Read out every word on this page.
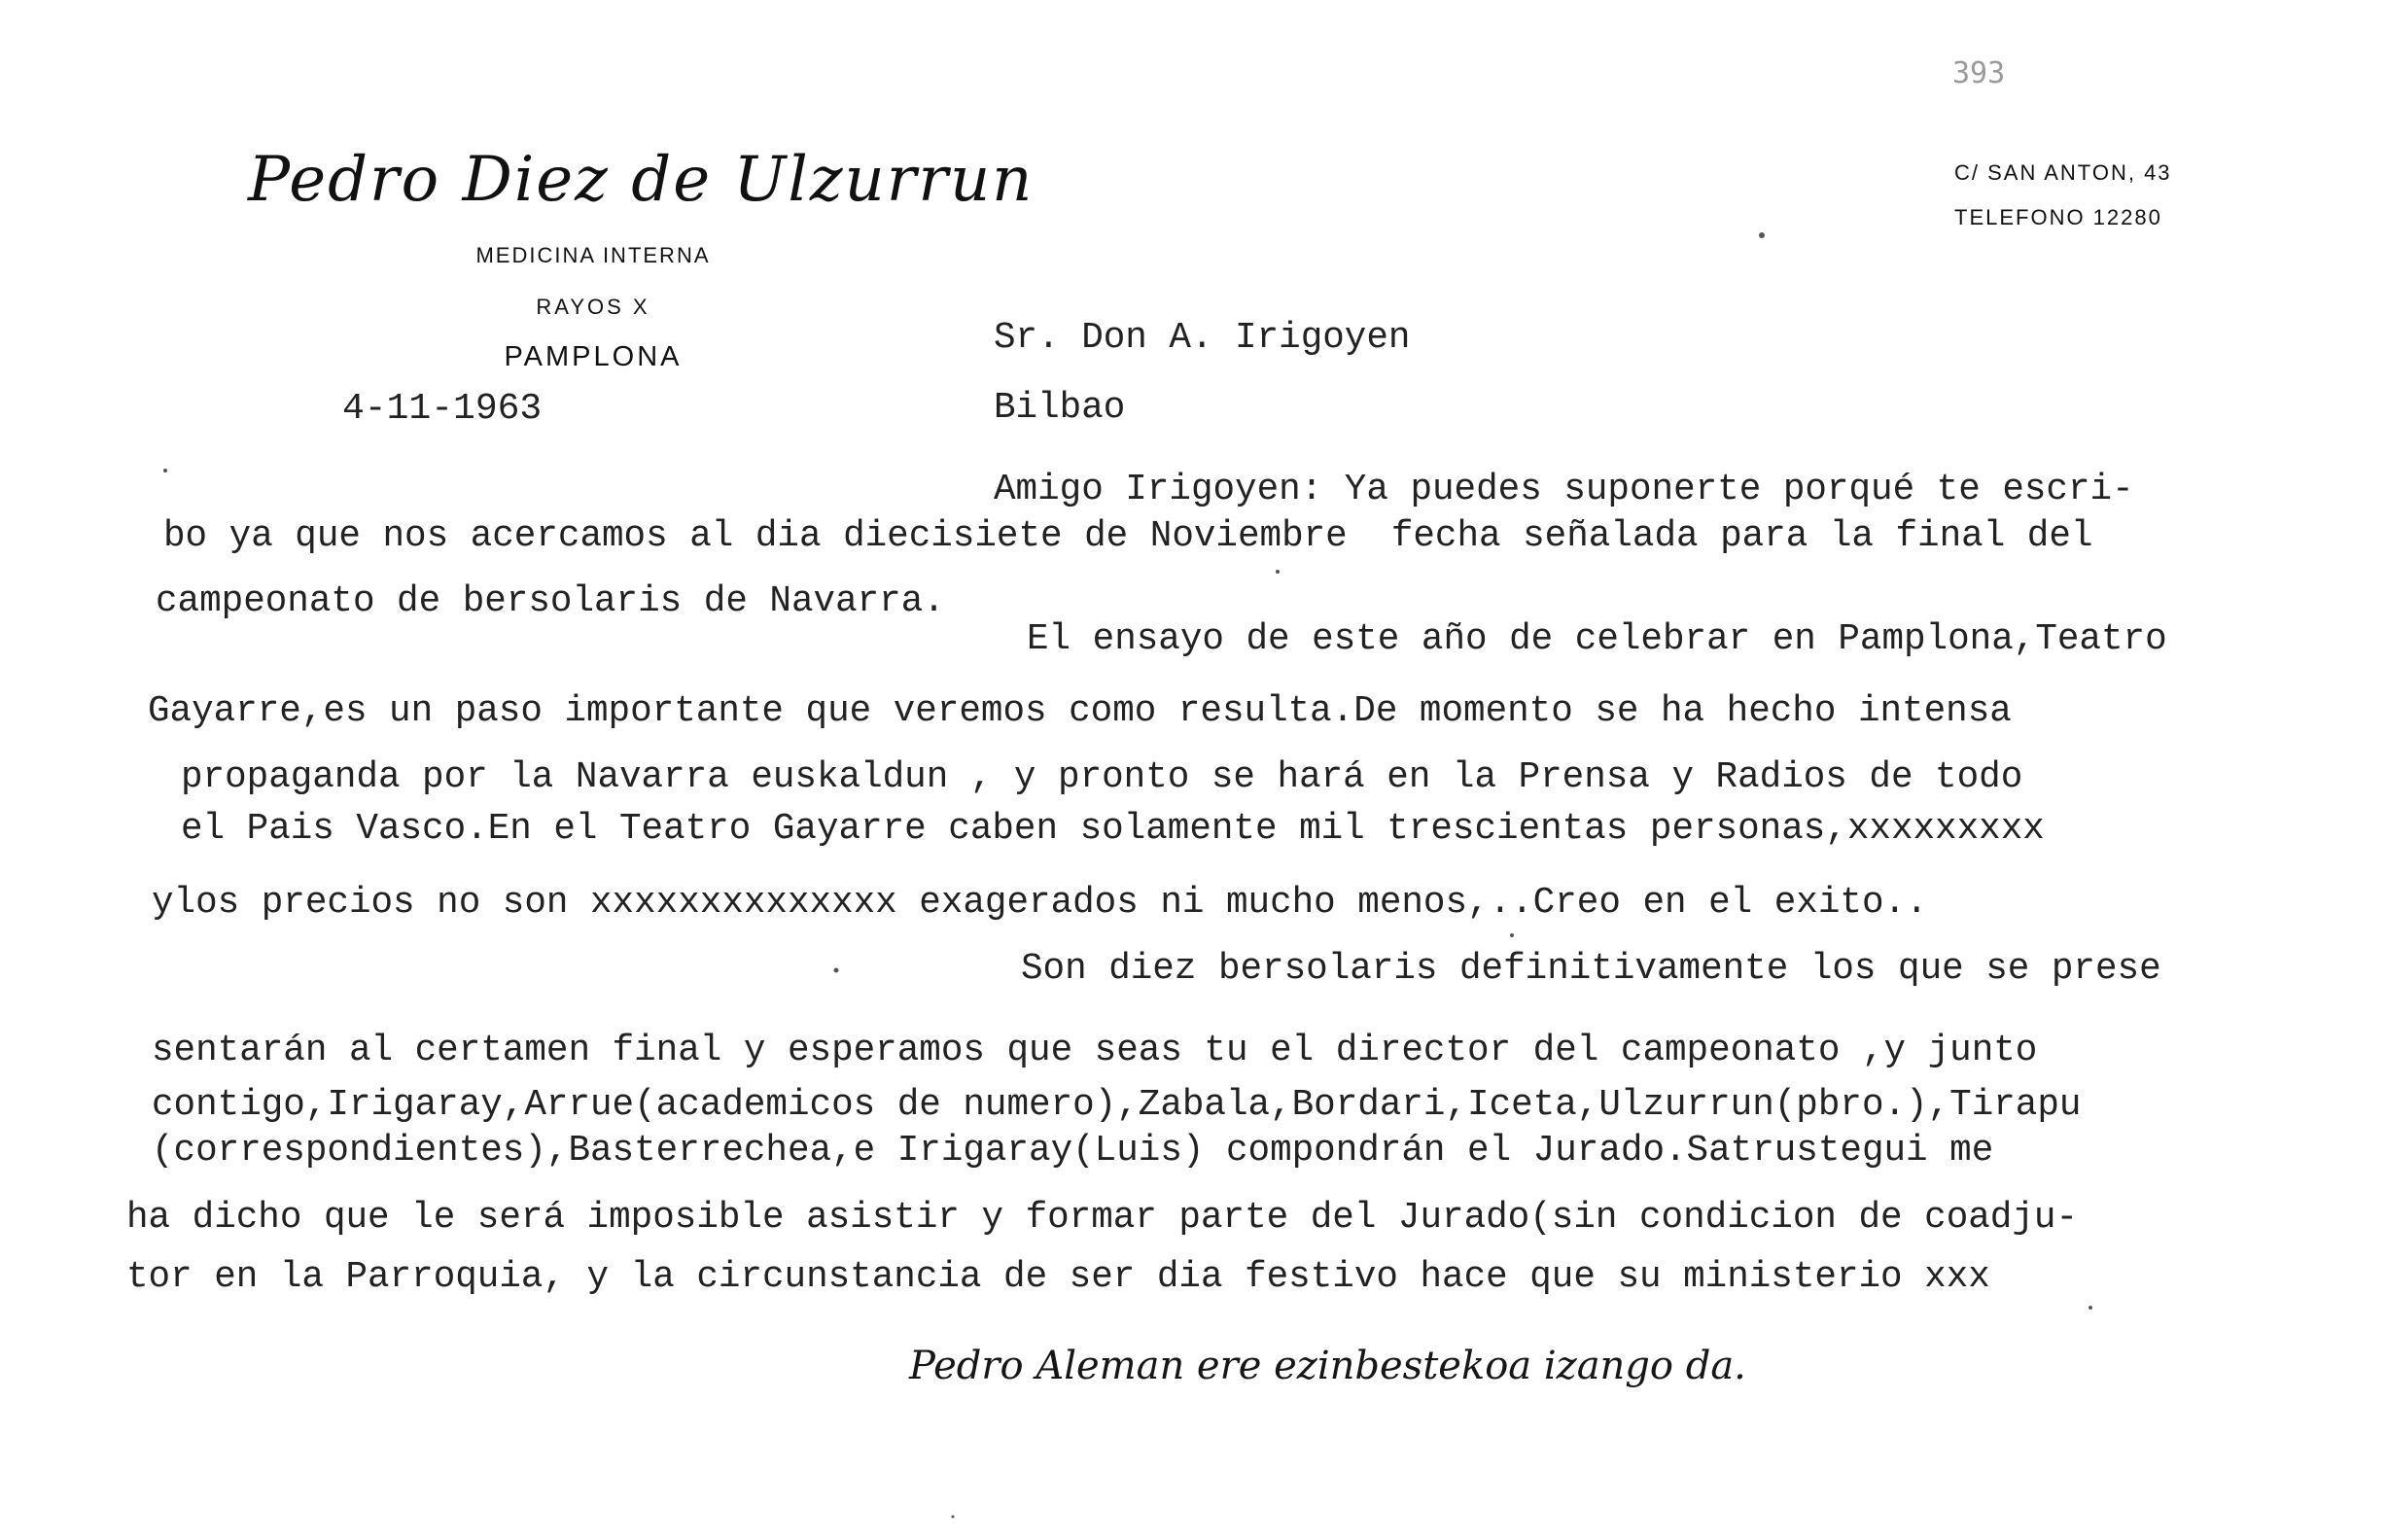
393
Pedro Diez de Ulzurrun
MEDICINA INTERNA
RAYOS X
PAMPLONA
C/ SAN ANTON, 43
TELEFONO 12280
4-11-1963
Sr. Don A. Irigoyen
Bilbao
Amigo Irigoyen: Ya puedes suponerte porqué te escri-
bo ya que nos acercamos al dia diecisiete de Noviembre  fecha señalada para la final del
campeonato de bersolaris de Navarra.
El ensayo de este año de celebrar en Pamplona,Teatro
Gayarre,es un paso importante que veremos como resulta.De momento se ha hecho intensa
propaganda por la Navarra euskaldun , y pronto se hará en la Prensa y Radios de todo
el Pais Vasco.En el Teatro Gayarre caben solamente mil trescientas personas,xxxxxxxxx
ylos precios no son xxxxxxxxxxxxxx exagerados ni mucho menos,..Creo en el exito..
Son diez bersolaris definitivamente los que se prese
sentarán al certamen final y esperamos que seas tu el director del campeonato ,y junto
contigo,Irigaray,Arrue(academicos de numero),Zabala,Bordari,Iceta,Ulzurrun(pbro.),Tirapu
(correspondientes),Basterrechea,e Irigaray(Luis) compondrán el Jurado.Satrustegui me
ha dicho que le será imposible asistir y formar parte del Jurado(sin condicion de coadju-
tor en la Parroquia, y la circunstancia de ser dia festivo hace que su ministerio xxx
Pedro Aleman ere ezinbestekoa izango da.
